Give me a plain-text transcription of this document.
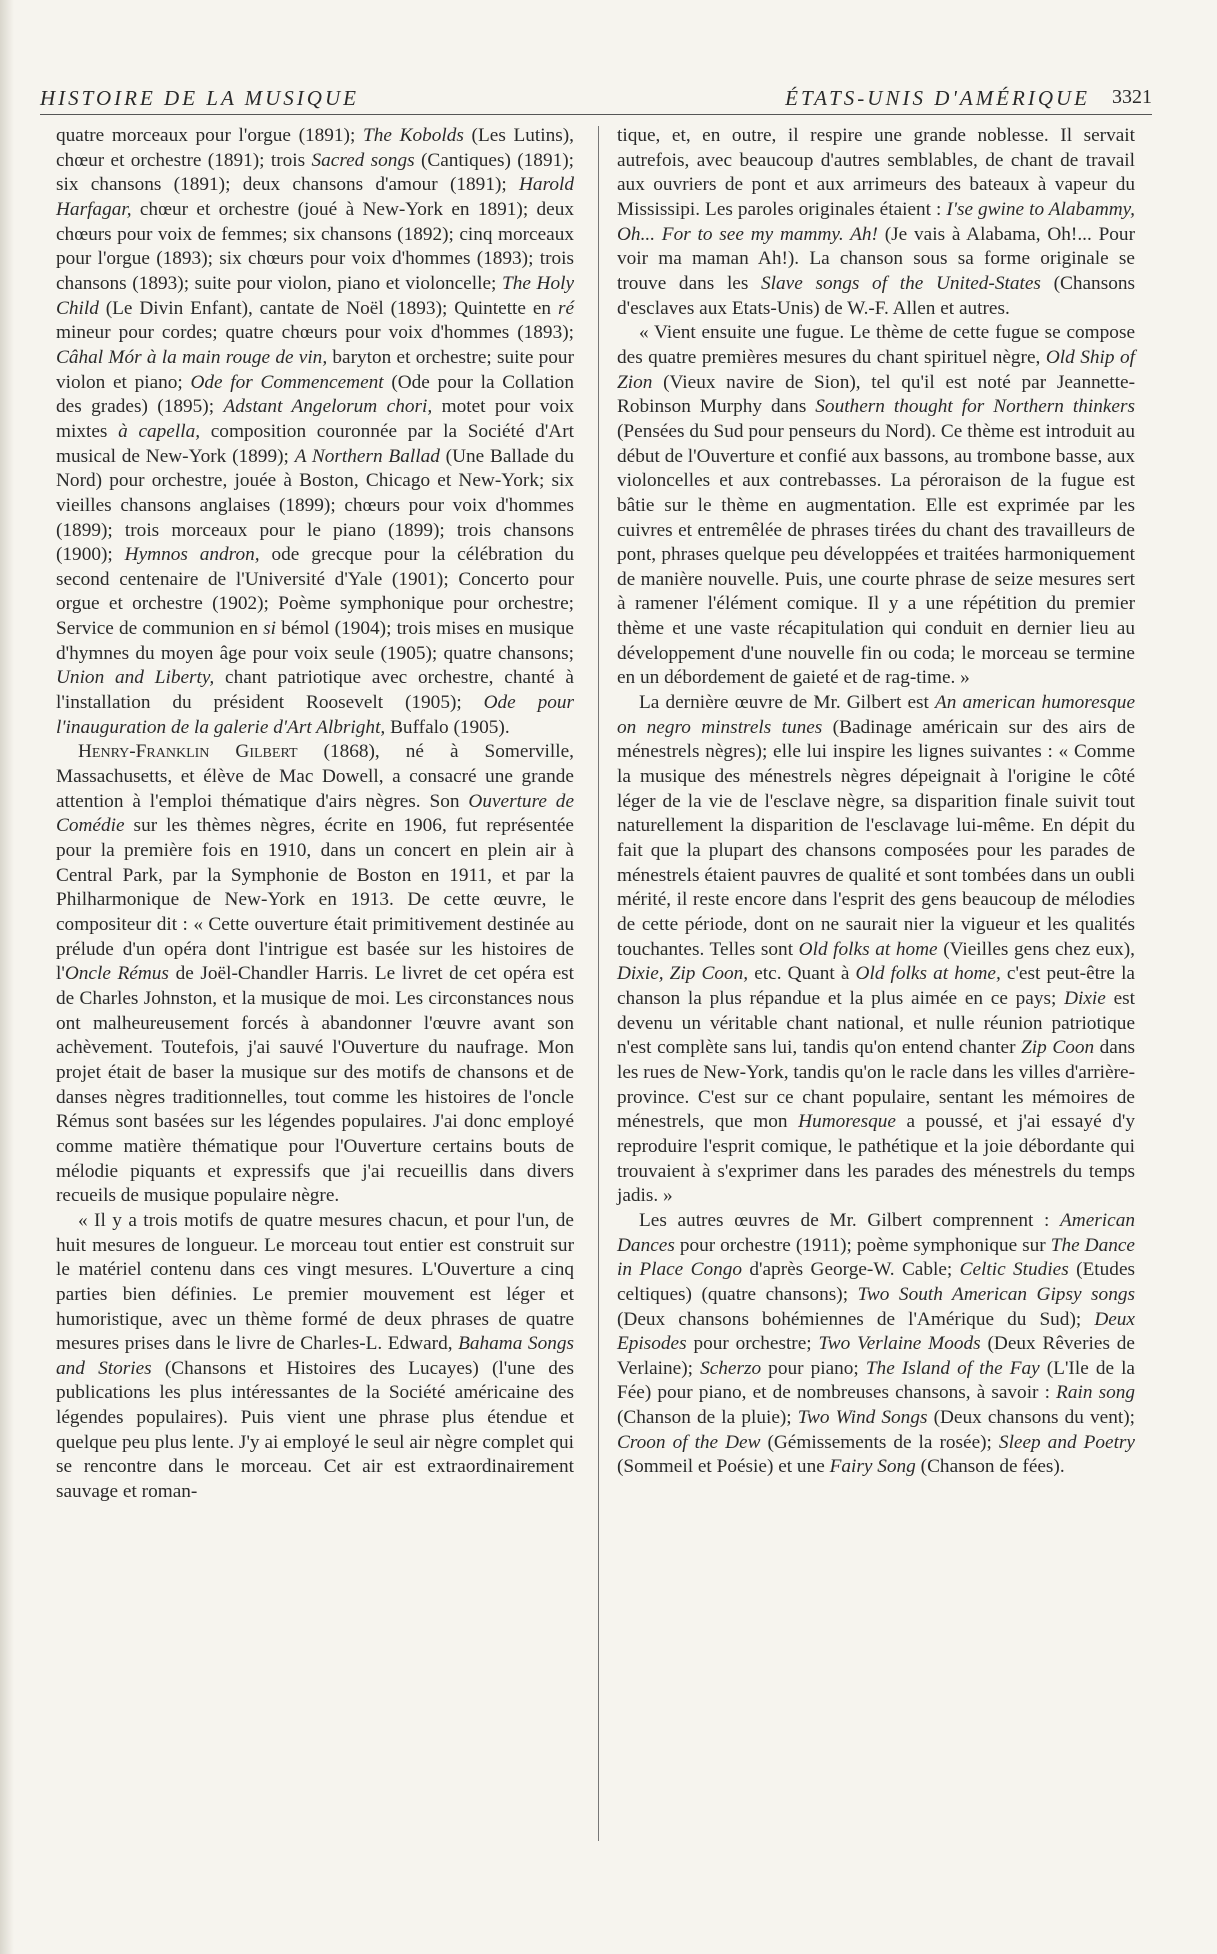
HISTOIRE DE LA MUSIQUE	ÉTATS-UNIS D'AMÉRIQUE 3321

quatre morceaux pour l'orgue (1891); The Kobolds (Les Lutins), chœur et orchestre (1891); trois Sacred songs (Cantiques) (1891); six chansons (1891); deux chansons d'amour (1891); Harold Harfagar, chœur et orchestre (joué à New-York en 1891); deux chœurs pour voix de femmes; six chansons (1892); cinq morceaux pour l'orgue (1893); six chœurs pour voix d'hommes (1893); trois chansons (1893); suite pour violon, piano et violoncelle; The Holy Child (Le Divin Enfant), cantate de Noël (1893); Quintette en ré mineur pour cordes; quatre chœurs pour voix d'hommes (1893); Câhal Mór à la main rouge de vin, baryton et orchestre; suite pour violon et piano; Ode for Commencement (Ode pour la Collation des grades) (1895); Adstant Angelorum chori, motet pour voix mixtes à capella, composition couronnée par la Société d'Art musical de New-York (1899); A Northern Ballad (Une Ballade du Nord) pour orchestre, jouée à Boston, Chicago et New-York; six vieilles chansons anglaises (1899); chœurs pour voix d'hommes (1899); trois morceaux pour le piano (1899); trois chansons (1900); Hymnos andron, ode grecque pour la célébration du second centenaire de l'Université d'Yale (1901); Concerto pour orgue et orchestre (1902); Poème symphonique pour orchestre; Service de communion en si bémol (1904); trois mises en musique d'hymnes du moyen âge pour voix seule (1905); quatre chansons; Union and Liberty, chant patriotique avec orchestre, chanté à l'installation du président Roosevelt (1905); Ode pour l'inauguration de la galerie d'Art Albright, Buffalo (1905).

Henry-Franklin Gilbert (1868), né à Somerville, Massachusetts, et élève de Mac Dowell, a consacré une grande attention à l'emploi thématique d'airs nègres. Son Ouverture de Comédie sur les thèmes nègres, écrite en 1906, fut représentée pour la première fois en 1910, dans un concert en plein air à Central Park, par la Symphonie de Boston en 1911, et par la Philharmonique de New-York en 1913. De cette œuvre, le compositeur dit : « Cette ouverture était primitivement destinée au prélude d'un opéra dont l'intrigue est basée sur les histoires de l'Oncle Rémus de Joël-Chandler Harris. Le livret de cet opéra est de Charles Johnston, et la musique de moi. Les circonstances nous ont malheureusement forcés à abandonner l'œuvre avant son achèvement. Toutefois, j'ai sauvé l'Ouverture du naufrage. Mon projet était de baser la musique sur des motifs de chansons et de danses nègres traditionnelles, tout comme les histoires de l'oncle Rémus sont basées sur les légendes populaires. J'ai donc employé comme matière thématique pour l'Ouverture certains bouts de mélodie piquants et expressifs que j'ai recueillis dans divers recueils de musique populaire nègre.

« Il y a trois motifs de quatre mesures chacun, et pour l'un, de huit mesures de longueur. Le morceau tout entier est construit sur le matériel contenu dans ces vingt mesures. L'Ouverture a cinq parties bien définies. Le premier mouvement est léger et humoristique, avec un thème formé de deux phrases de quatre mesures prises dans le livre de Charles-L. Edward, Bahama Songs and Stories (Chansons et Histoires des Lucayes) (l'une des publications les plus intéressantes de la Société américaine des légendes populaires). Puis vient une phrase plus étendue et quelque peu plus lente. J'y ai employé le seul air nègre complet qui se rencontre dans le morceau. Cet air est extraordinairement sauvage et roman-

tique, et, en outre, il respire une grande noblesse. Il servait autrefois, avec beaucoup d'autres semblables, de chant de travail aux ouvriers de pont et aux arrimeurs des bateaux à vapeur du Mississipi. Les paroles originales étaient : I'se gwine to Alabammy, Oh... For to see my mammy. Ah! (Je vais à Alabama, Oh!... Pour voir ma maman Ah!). La chanson sous sa forme originale se trouve dans les Slave songs of the United-States (Chansons d'esclaves aux Etats-Unis) de W.-F. Allen et autres.

« Vient ensuite une fugue. Le thème de cette fugue se compose des quatre premières mesures du chant spirituel nègre, Old Ship of Zion (Vieux navire de Sion), tel qu'il est noté par Jeannette-Robinson Murphy dans Southern thought for Northern thinkers (Pensées du Sud pour penseurs du Nord). Ce thème est introduit au début de l'Ouverture et confié aux bassons, au trombone basse, aux violoncelles et aux contrebasses. La péroraison de la fugue est bâtie sur le thème en augmentation. Elle est exprimée par les cuivres et entremêlée de phrases tirées du chant des travailleurs de pont, phrases quelque peu développées et traitées harmoniquement de manière nouvelle. Puis, une courte phrase de seize mesures sert à ramener l'élément comique. Il y a une répétition du premier thème et une vaste récapitulation qui conduit en dernier lieu au développement d'une nouvelle fin ou coda; le morceau se termine en un débordement de gaieté et de rag-time. »

La dernière œuvre de Mr. Gilbert est An american humoresque on negro minstrels tunes (Badinage américain sur des airs de ménestrels nègres); elle lui inspire les lignes suivantes : « Comme la musique des ménestrels nègres dépeignait à l'origine le côté léger de la vie de l'esclave nègre, sa disparition finale suivit tout naturellement la disparition de l'esclavage lui-même. En dépit du fait que la plupart des chansons composées pour les parades de ménestrels étaient pauvres de qualité et sont tombées dans un oubli mérité, il reste encore dans l'esprit des gens beaucoup de mélodies de cette période, dont on ne saurait nier la vigueur et les qualités touchantes. Telles sont Old folks at home (Vieilles gens chez eux), Dixie, Zip Coon, etc. Quant à Old folks at home, c'est peut-être la chanson la plus répandue et la plus aimée en ce pays; Dixie est devenu un véritable chant national, et nulle réunion patriotique n'est complète sans lui, tandis qu'on entend chanter Zip Coon dans les rues de New-York, tandis qu'on le racle dans les villes d'arrière-province. C'est sur ce chant populaire, sentant les mémoires de ménestrels, que mon Humoresque a poussé, et j'ai essayé d'y reproduire l'esprit comique, le pathétique et la joie débordante qui trouvaient à s'exprimer dans les parades des ménestrels du temps jadis. »

Les autres œuvres de Mr. Gilbert comprennent : American Dances pour orchestre (1911); poème symphonique sur The Dance in Place Congo d'après George-W. Cable; Celtic Studies (Etudes celtiques) (quatre chansons); Two South American Gipsy songs (Deux chansons bohémiennes de l'Amérique du Sud); Deux Episodes pour orchestre; Two Verlaine Moods (Deux Rêveries de Verlaine); Scherzo pour piano; The Island of the Fay (L'Ile de la Fée) pour piano, et de nombreuses chansons, à savoir : Rain song (Chanson de la pluie); Two Wind Songs (Deux chansons du vent); Croon of the Dew (Gémissements de la rosée); Sleep and Poetry (Sommeil et Poésie) et une Fairy Song (Chanson de fées).
